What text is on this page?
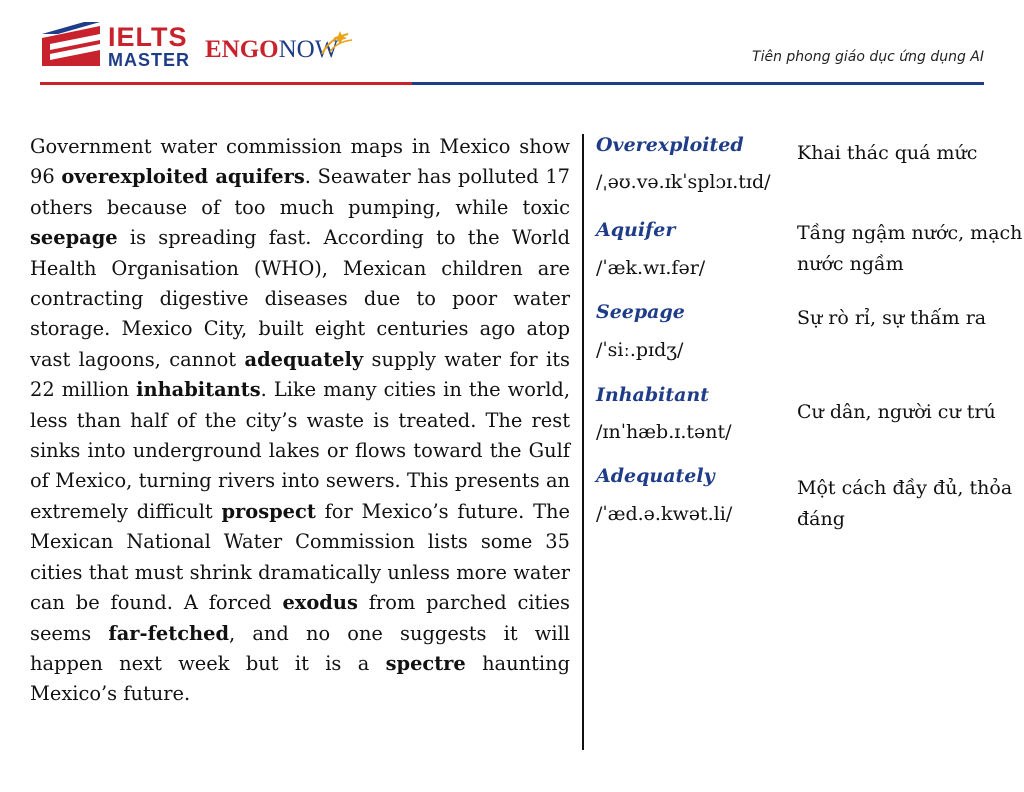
IELTS
MASTER ENGONOW	Tiên phong giáo dục ứng dụng AI
Government water commission maps in Mexico show 96 overexploited aquifers. Seawater has polluted 17 others because of too much pumping, while toxic seepage is spreading fast. According to the World Health Organisation (WHO), Mexican children are contracting digestive diseases due to poor water storage. Mexico City, built eight centuries ago atop vast lagoons, cannot adequately supply water for its 22 million inhabitants. Like many cities in the world, less than half of the city’s waste is treated. The rest sinks into underground lakes or flows toward the Gulf of Mexico, turning rivers into sewers. This presents an extremely difficult prospect for Mexico’s future. The Mexican National Water Commission lists some 35 cities that must shrink dramatically unless more water can be found. A forced exodus from parched cities seems far-fetched, and no one suggests it will happen next week but it is a spectre haunting Mexico’s future.
Overexploited
/ˌəʊ.və.ɪkˈsplɔɪ.tɪd/
Khai thác quá mức
Aquifer
/ˈæk.wɪ.fər/
Tầng ngậm nước, mạch nước ngầm
Seepage
/ˈsiː.pɪdʒ/
Sự rò rỉ, sự thấm ra
Inhabitant
/ɪnˈhæb.ɪ.tənt/
Cư dân, người cư trú
Adequately
/ˈæd.ə.kwət.li/
Một cách đầy đủ, thỏa đáng
